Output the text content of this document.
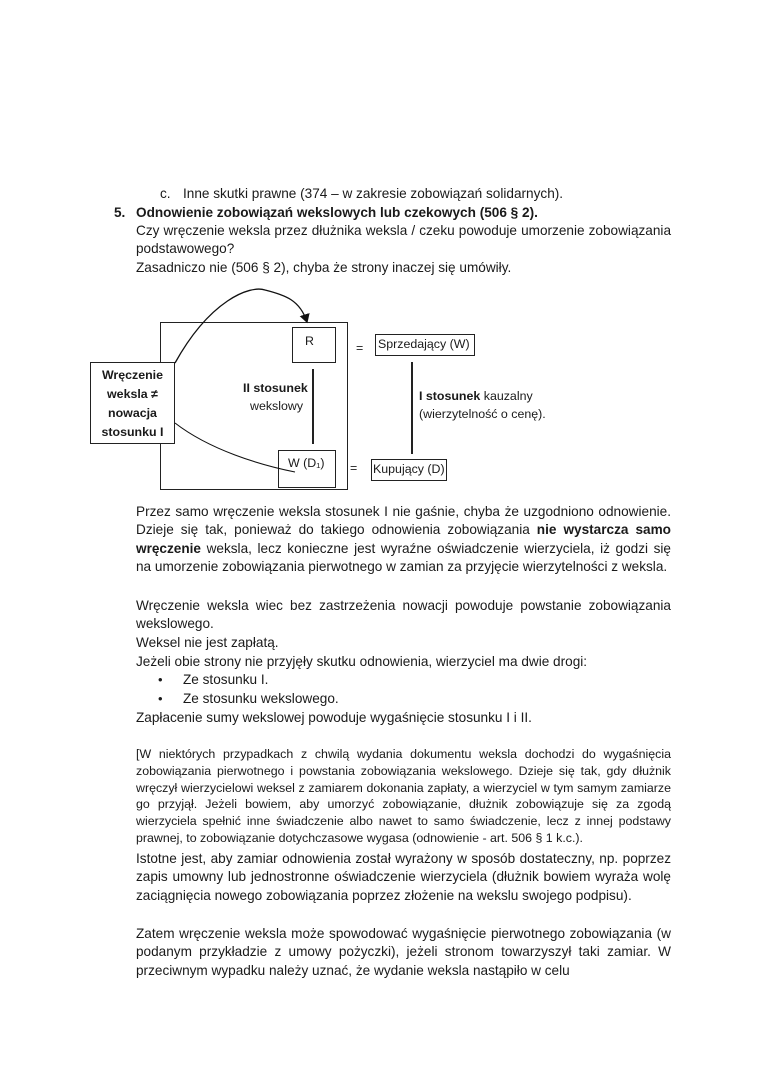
c. Inne skutki prawne (374 – w zakresie zobowiązań solidarnych).
5. Odnowienie zobowiązań wekslowych lub czekowych (506 § 2).
Czy wręczenie weksla przez dłużnika weksla / czeku powoduje umorzenie zobowiązania podstawowego?
Zasadniczo nie (506 § 2), chyba że strony inaczej się umówiły.
R
II stosunek
wekslowy
W (D₁)
Wręczenie
weksla ≠
nowacja
stosunku I
=
=
Sprzedający (W)
I stosunek kauzalny
(wierzytelność o cenę).
Kupujący (D)
Przez samo wręczenie weksla stosunek I nie gaśnie, chyba że uzgodniono odnowienie. Dzieje się tak, ponieważ do takiego odnowienia zobowiązania nie wystarcza samo wręczenie weksla, lecz konieczne jest wyraźne oświadczenie wierzyciela, iż godzi się na umorzenie zobowiązania pierwotnego w zamian za przyjęcie wierzytelności z weksla.
Wręczenie weksla wiec bez zastrzeżenia nowacji powoduje powstanie zobowiązania wekslowego.
Weksel nie jest zapłatą.
Jeżeli obie strony nie przyjęły skutku odnowienia, wierzyciel ma dwie drogi:
• Ze stosunku I.
• Ze stosunku wekslowego.
Zapłacenie sumy wekslowej powoduje wygaśnięcie stosunku I i II.
[W niektórych przypadkach z chwilą wydania dokumentu weksla dochodzi do wygaśnięcia zobowiązania pierwotnego i powstania zobowiązania wekslowego. Dzieje się tak, gdy dłużnik wręczył wierzycielowi weksel z zamiarem dokonania zapłaty, a wierzyciel w tym samym zamiarze go przyjął. Jeżeli bowiem, aby umorzyć zobowiązanie, dłużnik zobowiązuje się za zgodą wierzyciela spełnić inne świadczenie albo nawet to samo świadczenie, lecz z innej podstawy prawnej, to zobowiązanie dotychczasowe wygasa (odnowienie - art. 506 § 1 k.c.).
Istotne jest, aby zamiar odnowienia został wyrażony w sposób dostateczny, np. poprzez zapis umowny lub jednostronne oświadczenie wierzyciela (dłużnik bowiem wyraża wolę zaciągnięcia nowego zobowiązania poprzez złożenie na wekslu swojego podpisu).
Zatem wręczenie weksla może spowodować wygaśnięcie pierwotnego zobowiązania (w podanym przykładzie z umowy pożyczki), jeżeli stronom towarzyszył taki zamiar. W przeciwnym wypadku należy uznać, że wydanie weksla nastąpiło w celu
